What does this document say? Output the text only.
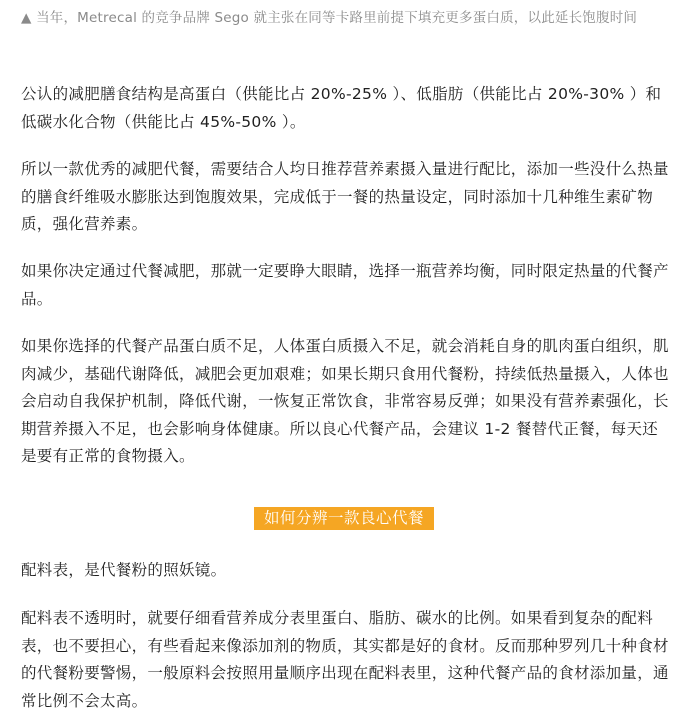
▲ 当年，Metrecal 的竞争品牌 Sego 就主张在同等卡路里前提下填充更多蛋白质，以此延长饱腹时间

公认的减肥膳食结构是高蛋白（供能比占 20%-25% ）、低脂肪（供能比占 20%-30% ）和低碳水化合物（供能比占 45%-50% ）。

所以一款优秀的减肥代餐，需要结合人均日推荐营养素摄入量进行配比，添加一些没什么热量的膳食纤维吸水膨胀达到饱腹效果，完成低于一餐的热量设定，同时添加十几种维生素矿物质，强化营养素。

如果你决定通过代餐减肥，那就一定要睁大眼睛，选择一瓶营养均衡，同时限定热量的代餐产品。

如果你选择的代餐产品蛋白质不足，人体蛋白质摄入不足，就会消耗自身的肌肉蛋白组织，肌肉减少，基础代谢降低，减肥会更加艰难；如果长期只食用代餐粉，持续低热量摄入，人体也会启动自我保护机制，降低代谢，一恢复正常饮食，非常容易反弹；如果没有营养素强化，长期营养摄入不足，也会影响身体健康。所以良心代餐产品，会建议 1-2 餐替代正餐，每天还是要有正常的食物摄入。

如何分辨一款良心代餐

配料表，是代餐粉的照妖镜。

配料表不透明时，就要仔细看营养成分表里蛋白、脂肪、碳水的比例。如果看到复杂的配料表，也不要担心，有些看起来像添加剂的物质，其实都是好的食材。反而那种罗列几十种食材的代餐粉要警惕，一般原料会按照用量顺序出现在配料表里，这种代餐产品的食材添加量，通常比例不会太高。
